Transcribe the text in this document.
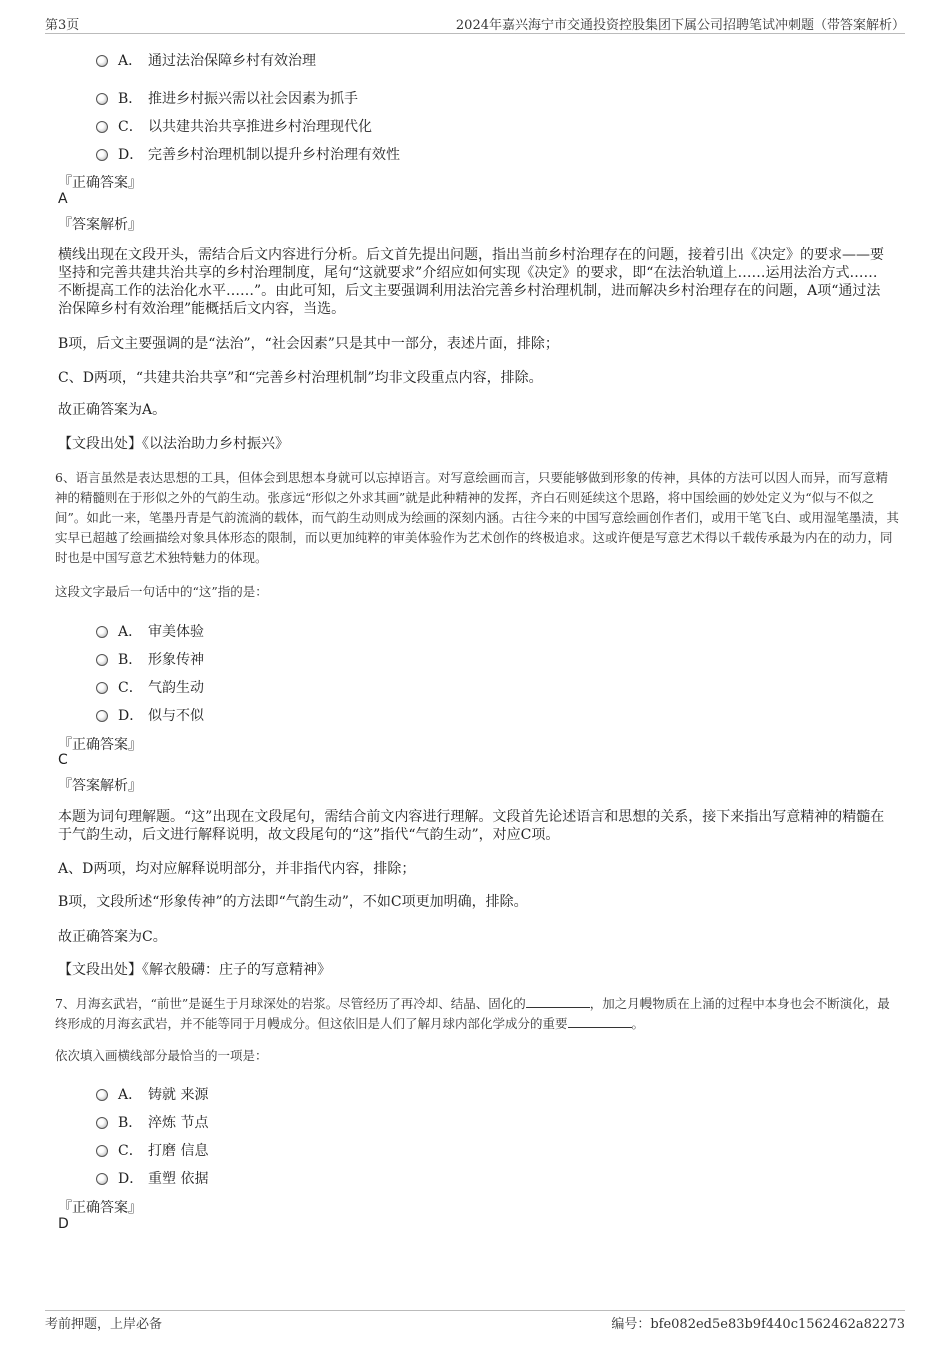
第3页	2024年嘉兴海宁市交通投资控股集团下属公司招聘笔试冲刺题（带答案解析）
A． 通过法治保障乡村有效治理
B． 推进乡村振兴需以社会因素为抓手
C． 以共建共治共享推进乡村治理现代化
D． 完善乡村治理机制以提升乡村治理有效性
『正确答案』
A
『答案解析』
横线出现在文段开头，需结合后文内容进行分析。后文首先提出问题，指出当前乡村治理存在的问题，接着引出《决定》的要求——要坚持和完善共建共治共享的乡村治理制度，尾句“这就要求”介绍应如何实现《决定》的要求，即“在法治轨道上……运用法治方式……不断提高工作的法治化水平……”。由此可知，后文主要强调利用法治完善乡村治理机制，进而解决乡村治理存在的问题，A项“通过法治保障乡村有效治理”能概括后文内容，当选。
B项，后文主要强调的是“法治”，“社会因素”只是其中一部分，表述片面，排除；
C、D两项，“共建共治共享”和“完善乡村治理机制”均非文段重点内容，排除。
故正确答案为A。
【文段出处】《以法治助力乡村振兴》
6、语言虽然是表达思想的工具，但体会到思想本身就可以忘掉语言。对写意绘画而言，只要能够做到形象的传神，具体的方法可以因人而异，而写意精神的精髓则在于形似之外的气韵生动。张彦远“形似之外求其画”就是此种精神的发挥，齐白石则延续这个思路，将中国绘画的妙处定义为“似与不似之间”。如此一来，笔墨丹青是气韵流淌的载体，而气韵生动则成为绘画的深刻内涵。古往今来的中国写意绘画创作者们，或用干笔飞白、或用湿笔墨渍，其实早已超越了绘画描绘对象具体形态的限制，而以更加纯粹的审美体验作为艺术创作的终极追求。这或许便是写意艺术得以千载传承最为内在的动力，同时也是中国写意艺术独特魅力的体现。
这段文字最后一句话中的“这”指的是：
A． 审美体验
B． 形象传神
C． 气韵生动
D． 似与不似
『正确答案』
C
『答案解析』
本题为词句理解题。“这”出现在文段尾句，需结合前文内容进行理解。文段首先论述语言和思想的关系，接下来指出写意精神的精髓在于气韵生动，后文进行解释说明，故文段尾句的“这”指代“气韵生动”，对应C项。
A、D两项，均对应解释说明部分，并非指代内容，排除；
B项，文段所述“形象传神”的方法即“气韵生动”，不如C项更加明确，排除。
故正确答案为C。
【文段出处】《解衣般礴：庄子的写意精神》
7、月海玄武岩，“前世”是诞生于月球深处的岩浆。尽管经历了再冷却、结晶、固化的	，加之月幔物质在上涌的过程中本身也会不断演化，最终形成的月海玄武岩，并不能等同于月幔成分。但这依旧是人们了解月球内部化学成分的重要	。
依次填入画横线部分最恰当的一项是：
A． 铸就 来源
B． 淬炼 节点
C． 打磨 信息
D． 重塑 依据
『正确答案』
D
考前押题，上岸必备	编号：bfe082ed5e83b9f440c1562462a82273
